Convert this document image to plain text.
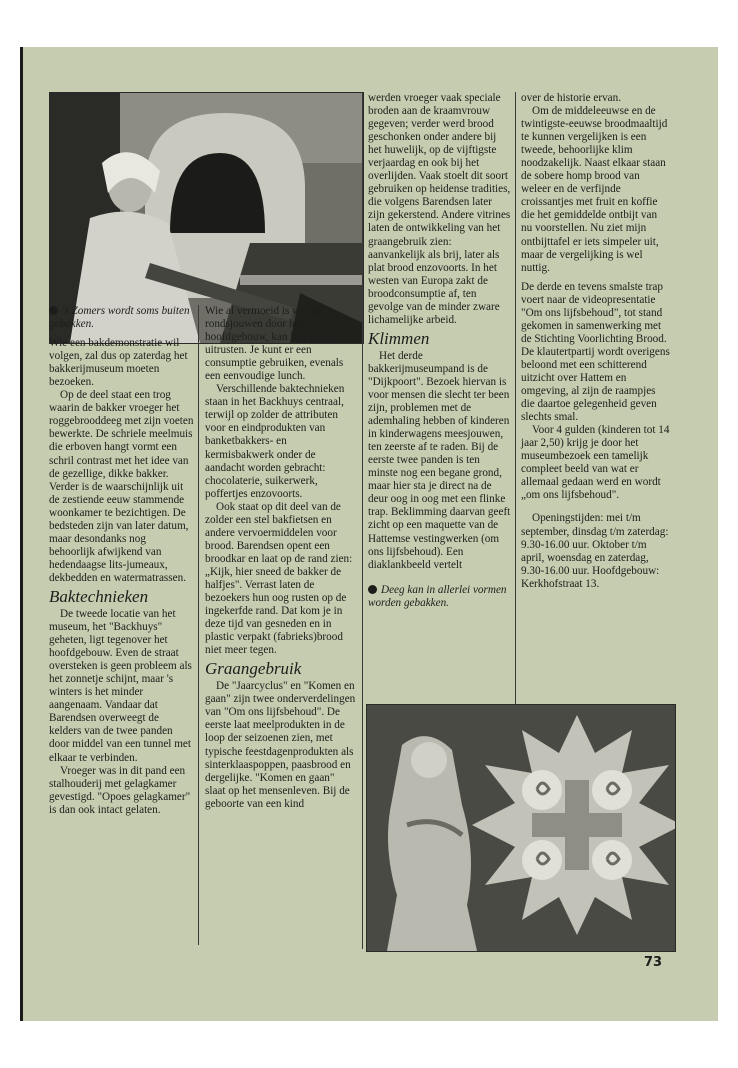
's Zomers wordt soms buiten gebakken.

Wie een bakdemonstratie wil volgen, zal dus op zaterdag het bakkerijmuseum moeten bezoeken.

Op de deel staat een trog waarin de bakker vroeger het roggebrooddeeg met zijn voeten bewerkte. De schriele meelmuis die erboven hangt vormt een schril contrast met het idee van de gezellige, dikke bakker. Verder is de waarschijnlijk uit de zestiende eeuw stammende woonkamer te bezichtigen. De bedsteden zijn van later datum, maar desondanks nog behoorlijk afwijkend van hedendaagse lits-jumeaux, dekbedden en watermatrassen.

Baktechnieken

De tweede locatie van het museum, het "Backhuys" geheten, ligt tegenover het hoofdgebouw. Even de straat oversteken is geen probleem als het zonnetje schijnt, maar 's winters is het minder aangenaam. Vandaar dat Barendsen overweegt de kelders van de twee panden door middel van een tunnel met elkaar te verbinden.

Vroeger was in dit pand een stalhouderij met gelagkamer gevestigd. "Opoes gelagkamer" is dan ook intact gelaten.

Wie al vermoeid is van het rondsjouwen door het hoofdgebouw, kan hier even uitrusten. Je kunt er een consumptie gebruiken, evenals een eenvoudige lunch.

Verschillende baktechnieken staan in het Backhuys centraal, terwijl op zolder de attributen voor en eindprodukten van banketbakkers- en kermisbakwerk onder de aandacht worden gebracht: chocolaterie, suikerwerk, poffertjes enzovoorts.

Ook staat op dit deel van de zolder een stel bakfietsen en andere vervoermiddelen voor brood. Barendsen opent een broodkar en laat op de rand zien: „Kijk, hier sneed de bakker de halfjes". Verrast laten de bezoekers hun oog rusten op de ingekerfde rand. Dat kom je in deze tijd van gesneden en in plastic verpakt (fabrieks)brood niet meer tegen.

Graangebruik

De "Jaarcyclus" en "Komen en gaan" zijn twee onderverdelingen van "Om ons lijfsbehoud". De eerste laat meelprodukten in de loop der seizoenen zien, met typische feestdagenprodukten als sinterklaaspoppen, paasbrood en dergelijke. "Komen en gaan" slaat op het mensenleven. Bij de geboorte van een kind

werden vroeger vaak speciale broden aan de kraamvrouw gegeven; verder werd brood geschonken onder andere bij het huwelijk, op de vijftigste verjaardag en ook bij het overlijden. Vaak stoelt dit soort gebruiken op heidense tradities, die volgens Barendsen later zijn gekerstend. Andere vitrines laten de ontwikkeling van het graangebruik zien: aanvankelijk als brij, later als plat brood enzovoorts. In het westen van Europa zakt de broodconsumptie af, ten gevolge van de minder zware lichamelijke arbeid.

Klimmen

Het derde bakkerijmuseumpand is de "Dijkpoort". Bezoek hiervan is voor mensen die slecht ter been zijn, problemen met de ademhaling hebben of kinderen in kinderwagens meesjouwen, ten zeerste af te raden. Bij de eerste twee panden is ten minste nog een begane grond, maar hier sta je direct na de deur oog in oog met een flinke trap. Beklimming daarvan geeft zicht op een maquette van de Hattemse vestingwerken (om ons lijfsbehoud). Een diaklankbeeld vertelt

Deeg kan in allerlei vormen worden gebakken.

over de historie ervan.

Om de middeleeuwse en de twintigste-eeuwse broodmaaltijd te kunnen vergelijken is een tweede, behoorlijke klim noodzakelijk. Naast elkaar staan de sobere homp brood van weleer en de verfijnde croissantjes met fruit en koffie die het gemiddelde ontbijt van nu voorstellen. Nu ziet mijn ontbijttafel er iets simpeler uit, maar de vergelijking is wel nuttig.

De derde en tevens smalste trap voert naar de videopresentatie "Om ons lijfsbehoud", tot stand gekomen in samenwerking met de Stichting Voorlichting Brood. De klautertpartij wordt overigens beloond met een schitterend uitzicht over Hattem en omgeving, al zijn de raampjes die daartoe gelegenheid geven slechts smal.

Voor 4 gulden (kinderen tot 14 jaar 2,50) krijg je door het museumbezoek een tamelijk compleet beeld van wat er allemaal gedaan werd en wordt „om ons lijfsbehoud".

Openingstijden: mei t/m september, dinsdag t/m zaterdag: 9.30-16.00 uur. Oktober t/m april, woensdag en zaterdag, 9.30-16.00 uur. Hoofdgebouw: Kerkhofstraat 13.

73
